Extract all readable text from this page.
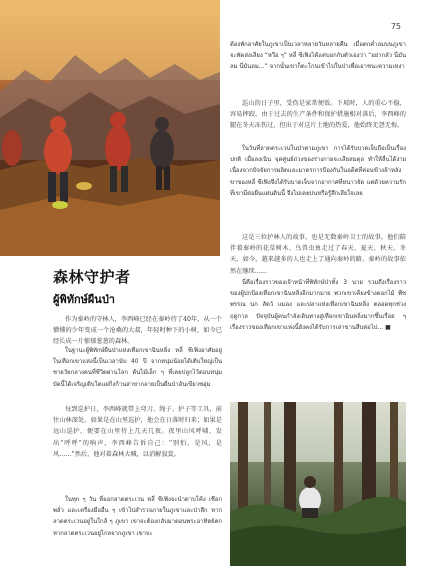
75
森林守护者
ผู้พิทักษ์ผืนป่า

作为秦岭的守林人，李西峰已经在秦岭待了40年，从一个懵懂的少年变成一个沧桑的大叔，年轻时种下的小树，如今已经长成一片郁郁葱葱的森林。

ในฐานะผู้พิทักษ์ผืนป่าแห่งเทือกเขาฉินหลิ่ง หลี่ ซีเฟิงอาศัยอยู่ในเทือกเขาแห่งนี้เป็นเวลานับ 40 ปี จากหนุ่มน้อยได้เติบใหญ่เป็นชายวัยกลางคนที่ชีวิตผ่านโลก ต้นไม้เล็ก ๆ ที่เคยปลูกไว้ตอนหนุ่ม บัดนี้ได้เจริญเติบโตแผ่กิ่งก้านสาขากลายเป็นผืนป่าอันเขียวชอุ่ม

每到巡护日，李西峰就带上弯刀、绳子、护子等工具，前往山林深处。如果是在山里巡护，他会在日落时归来；如果是远山巡护，便要在山里待上几天几夜。夜里山风呼啸，发出“呼呼”的响声，李西峰告诉自己：“别怕，是风，是风……”然后，他对着森林大喊，以消解寂寞。

ในทุก ๆ วัน ที่ออกลาดตระเวน หลี่ ซีเฟิงจะนำดาบโค้ง เชือก พลั่ว และเครื่องมืออื่น ๆ เข้าไปสำรวจภายในภูเขาและป่าลึก หากลาดตระเวนอยู่ในใกล้ ๆ ภูเขา เขาจะต้องกลับมาตอนพระอาทิตย์ตก หากลาดตระเวนอยู่ไกลจากภูเขา เขาจะ

ต้องพักอาศัยในภูเขาเป็นเวลาหลายวันหลายคืน เมื่อตกค่ำลมบนภูเขาจะพัดส่งเสียง “หวือ ๆ” หลี่ ซีเฟิงได้แต่บอกกับตัวเองว่า “อย่ากลัว นี่มันลม นี่มันลม…” จากนั้นเขาก็ตะโกนเข้าไปในป่าเพื่อเอาชนะความเหงา

巡山的日子里，受伤是家常便饭。下坡时，人的重心不稳，容易摔跤。由于过去的生产条件和保护措施相对落后，李西峰的腿在冬天冻伤过，但出于对这片土地的热爱，他始终无怨无悔。

ในวันที่ลาดตระเวนในป่าตามภูเขา การได้รับบาดเจ็บถือเป็นเรื่องปกติ เมื่อลงเนิน จุดศูนย์ถ่วงของร่างกายจะเสียสมดุล ทำให้ลื่นได้ง่าย เนื่องจากปัจจัยการผลิตและมาตรการป้องกันในอดีตที่ค่อนข้างล้าหลัง ขาของหลี่ ซีเฟิงจึงได้รับบาดเจ็บจากอากาศที่หนาวจัด แต่ด้วยความรักที่เขามีต่อผืนแผ่นดินนี้ จึงไม่เคยบ่นหรือรู้สึกเสียใจเลย

这是三位护林人的故事，也是无数秦岭卫士的故事。他们陪伴着秦岭的花草树木、鸟兽虫鱼走过了春天、夏天、秋天、冬天，如今，越来越多的人也走上了通向秦岭的路，秦岭的故事依然在继续……

นี่คือเรื่องราวของเจ้าหน้าที่พิทักษ์ป่าทั้ง 3 นาย รวมถึงเรื่องราวของผู้ปกป้องเทือกเขาฉินหลิ่งอีกมากมาย พวกเขาเคียงข้างดอกไม้ พืชพรรณ นก สัตว์ แมลง และปลาแห่งเทือกเขาฉินหลิ่ง ตลอดทุกช่วงฤดูกาล ปัจจุบันผู้คนกำลังเดินทางสู่เทือกเขาฉินหลิ่งมากขึ้นเรื่อย ๆ เรื่องราวของเทือกเขาแห่งนี้ยังคงได้รับการเล่าขานสืบต่อไป… ■
